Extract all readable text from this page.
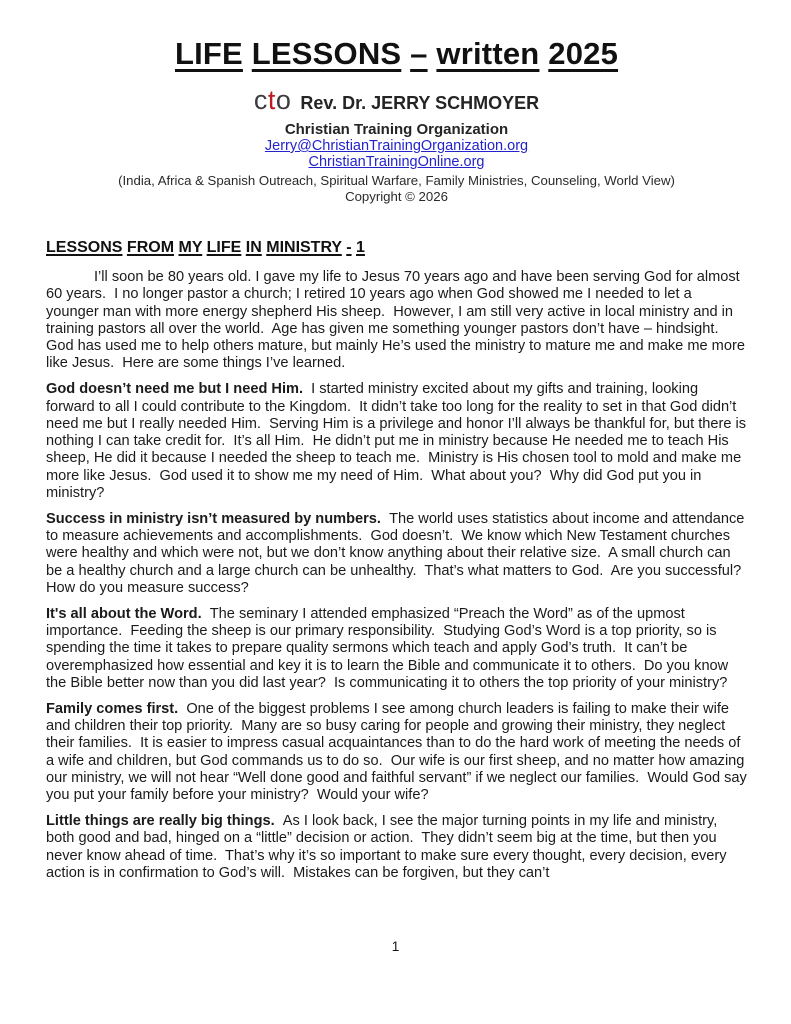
LIFE LESSONS – written 2025
cto Rev. Dr. JERRY SCHMOYER
Christian Training Organization
Jerry@ChristianTrainingOrganization.org
ChristianTrainingOnline.org
(India, Africa & Spanish Outreach, Spiritual Warfare, Family Ministries, Counseling, World View)
Copyright © 2026
LESSONS FROM MY LIFE IN MINISTRY - 1

I’ll soon be 80 years old. I gave my life to Jesus 70 years ago and have been serving God for almost 60 years.  I no longer pastor a church; I retired 10 years ago when God showed me I needed to let a younger man with more energy shepherd His sheep.  However, I am still very active in local ministry and in training pastors all over the world.  Age has given me something younger pastors don’t have – hindsight.  God has used me to help others mature, but mainly He’s used the ministry to mature me and make me more like Jesus.  Here are some things I’ve learned.

God doesn’t need me but I need Him.  I started ministry excited about my gifts and training, looking forward to all I could contribute to the Kingdom.  It didn’t take too long for the reality to set in that God didn’t need me but I really needed Him.  Serving Him is a privilege and honor I’ll always be thankful for, but there is nothing I can take credit for.  It’s all Him.  He didn’t put me in ministry because He needed me to teach His sheep, He did it because I needed the sheep to teach me.  Ministry is His chosen tool to mold and make me more like Jesus.  God used it to show me my need of Him.  What about you?  Why did God put you in ministry?

Success in ministry isn’t measured by numbers.  The world uses statistics about income and attendance to measure achievements and accomplishments.  God doesn’t.  We know which New Testament churches were healthy and which were not, but we don’t know anything about their relative size.  A small church can be a healthy church and a large church can be unhealthy.  That’s what matters to God.  Are you successful?  How do you measure success?

It's all about the Word.  The seminary I attended emphasized “Preach the Word” as of the upmost importance.  Feeding the sheep is our primary responsibility.  Studying God’s Word is a top priority, so is spending the time it takes to prepare quality sermons which teach and apply God’s truth.  It can’t be overemphasized how essential and key it is to learn the Bible and communicate it to others.  Do you know the Bible better now than you did last year?  Is communicating it to others the top priority of your ministry?

Family comes first.  One of the biggest problems I see among church leaders is failing to make their wife and children their top priority.  Many are so busy caring for people and growing their ministry, they neglect their families.  It is easier to impress casual acquaintances than to do the hard work of meeting the needs of a wife and children, but God commands us to do so.  Our wife is our first sheep, and no matter how amazing our ministry, we will not hear “Well done good and faithful servant” if we neglect our families.  Would God say you put your family before your ministry?  Would your wife?

Little things are really big things.  As I look back, I see the major turning points in my life and ministry, both good and bad, hinged on a “little” decision or action.  They didn’t seem big at the time, but then you never know ahead of time.  That’s why it’s so important to make sure every thought, every decision, every action is in confirmation to God’s will.  Mistakes can be forgiven, but they can’t

1
